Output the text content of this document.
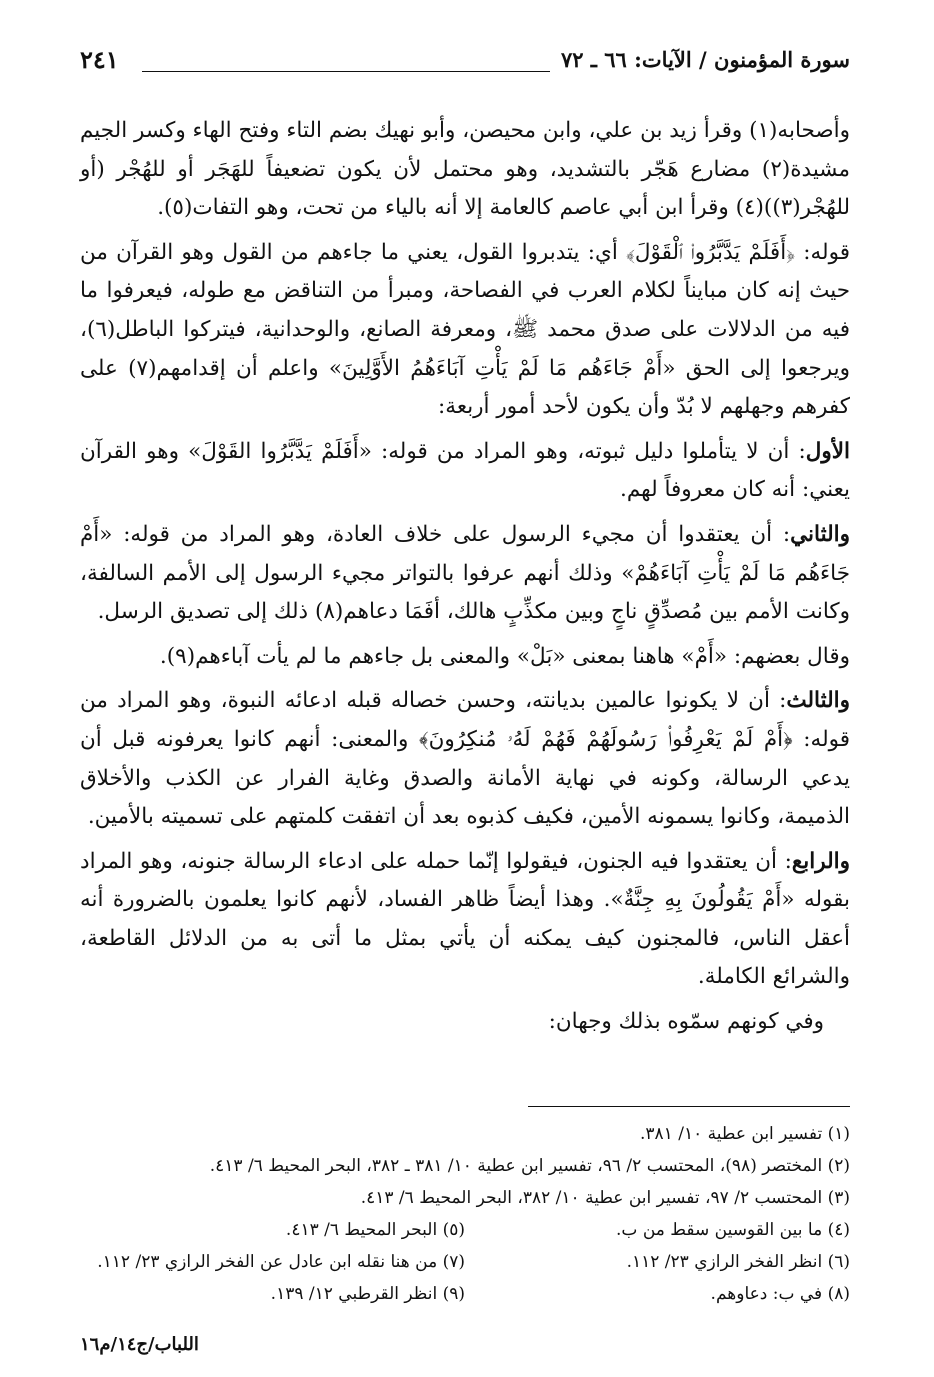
سورة المؤمنون / الآيات: ٦٦ ـ ٧٢
٢٤١

وأصحابه(١) وقرأ زيد بن علي، وابن محيصن، وأبو نهيك بضم التاء وفتح الهاء وكسر الجيم مشيدة(٢) مضارع هَجّر بالتشديد، وهو محتمل لأن يكون تضعيفاً للهَجَر أو للهُجْر (أو للهُجْر(٣))(٤) وقرأ ابن أبي عاصم كالعامة إلا أنه بالياء من تحت، وهو التفات(٥).

قوله: ﴿أَفَلَمْ يَدَّبَّرُوا۟ ٱلْقَوْلَ﴾ أي: يتدبروا القول، يعني ما جاءهم من القول وهو القرآن من حيث إنه كان مبايناً لكلام العرب في الفصاحة، ومبرأ من التناقض مع طوله، فيعرفوا ما فيه من الدلالات على صدق محمد ﷺ، ومعرفة الصانع، والوحدانية، فيتركوا الباطل(٦)، ويرجعوا إلى الحق «أَمْ جَاءَهُم مَا لَمْ يَأْتِ آبَاءَهُمُ الأَوَّلِينَ» واعلم أن إقدامهم(٧) على كفرهم وجهلهم لا بُدّ وأن يكون لأحد أمور أربعة:

الأول: أن لا يتأملوا دليل ثبوته، وهو المراد من قوله: «أَفَلَمْ يَدَّبَّرُوا القَوْلَ» وهو القرآن يعني: أنه كان معروفاً لهم.

والثاني: أن يعتقدوا أن مجيء الرسول على خلاف العادة، وهو المراد من قوله: «أَمْ جَاءَهُم مَا لَمْ يَأْتِ آبَاءَهُمْ» وذلك أنهم عرفوا بالتواتر مجيء الرسول إلى الأمم السالفة، وكانت الأمم بين مُصدِّقٍ ناجٍ وبين مكذِّبٍ هالك، أفَمَا دعاهم(٨) ذلك إلى تصديق الرسل.

وقال بعضهم: «أَمْ» هاهنا بمعنى «بَلْ» والمعنى بل جاءهم ما لم يأت آباءهم(٩).

والثالث: أن لا يكونوا عالمين بديانته، وحسن خصاله قبله ادعائه النبوة، وهو المراد من قوله: ﴿أَمْ لَمْ يَعْرِفُوا۟ رَسُولَهُمْ فَهُمْ لَهُۥ مُنكِرُونَ﴾ والمعنى: أنهم كانوا يعرفونه قبل أن يدعي الرسالة، وكونه في نهاية الأمانة والصدق وغاية الفرار عن الكذب والأخلاق الذميمة، وكانوا يسمونه الأمين، فكيف كذبوه بعد أن اتفقت كلمتهم على تسميته بالأمين.

والرابع: أن يعتقدوا فيه الجنون، فيقولوا إنّما حمله على ادعاء الرسالة جنونه، وهو المراد بقوله «أَمْ يَقُولُونَ بِهِ جِنَّةٌ». وهذا أيضاً ظاهر الفساد، لأنهم كانوا يعلمون بالضرورة أنه أعقل الناس، فالمجنون كيف يمكنه أن يأتي بمثل ما أتى به من الدلائل القاطعة، والشرائع الكاملة.

وفي كونهم سمّوه بذلك وجهان:

(١) تفسير ابن عطية ١٠/ ٣٨١.
(٢) المختصر (٩٨)، المحتسب ٢/ ٩٦، تفسير ابن عطية ١٠/ ٣٨١ ـ ٣٨٢، البحر المحيط ٦/ ٤١٣.
(٣) المحتسب ٢/ ٩٧، تفسير ابن عطية ١٠/ ٣٨٢، البحر المحيط ٦/ ٤١٣.
(٤) ما بين القوسين سقط من ب.
(٥) البحر المحيط ٦/ ٤١٣.
(٦) انظر الفخر الرازي ٢٣/ ١١٢.
(٧) من هنا نقله ابن عادل عن الفخر الرازي ٢٣/ ١١٢.
(٨) في ب: دعاوهم.
(٩) انظر القرطبي ١٢/ ١٣٩.
اللباب/ج١٤/م١٦
